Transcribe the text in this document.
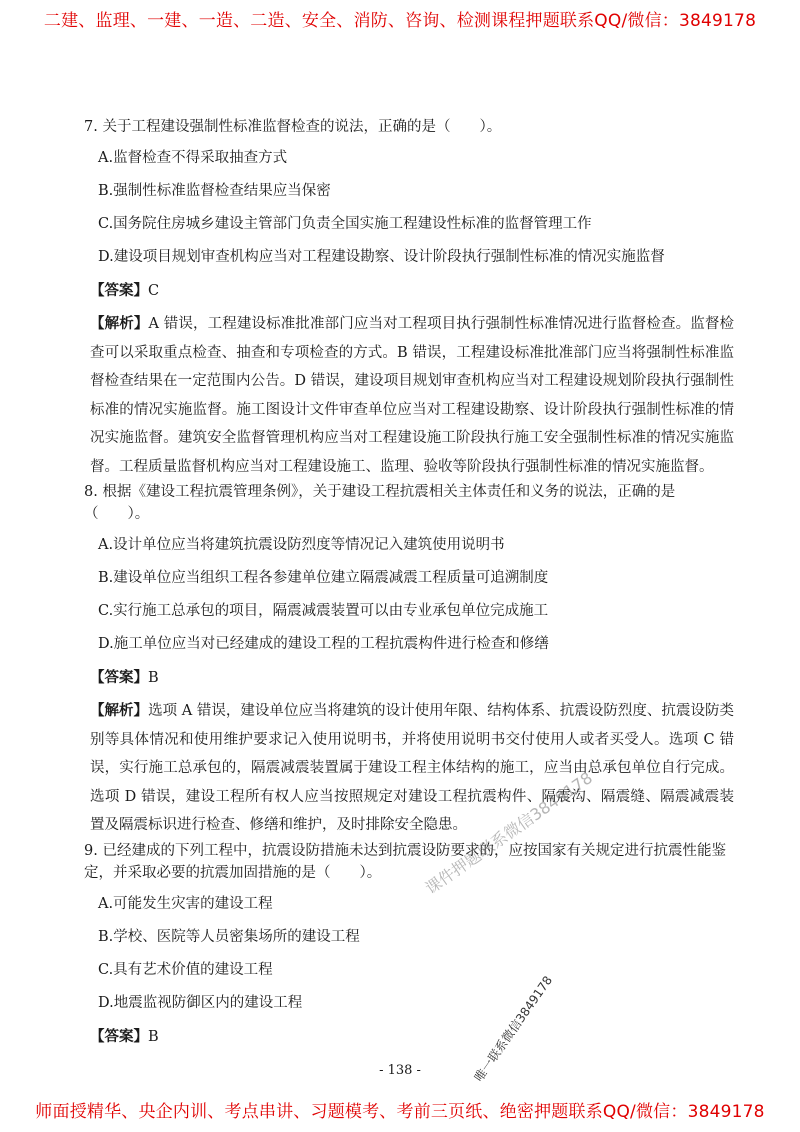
二建、监理、一建、一造、二造、安全、消防、咨询、检测课程押题联系QQ/微信：3849178
7. 关于工程建设强制性标准监督检查的说法，正确的是（　　）。
A.监督检查不得采取抽查方式
B.强制性标准监督检查结果应当保密
C.国务院住房城乡建设主管部门负责全国实施工程建设性标准的监督管理工作
D.建设项目规划审查机构应当对工程建设勘察、设计阶段执行强制性标准的情况实施监督
【答案】C
【解析】A 错误，工程建设标准批准部门应当对工程项目执行强制性标准情况进行监督检查。监督检查可以采取重点检查、抽查和专项检查的方式。B 错误，工程建设标准批准部门应当将强制性标准监督检查结果在一定范围内公告。D 错误，建设项目规划审查机构应当对工程建设规划阶段执行强制性标准的情况实施监督。施工图设计文件审查单位应当对工程建设勘察、设计阶段执行强制性标准的情况实施监督。建筑安全监督管理机构应当对工程建设施工阶段执行施工安全强制性标准的情况实施监督。工程质量监督机构应当对工程建设施工、监理、验收等阶段执行强制性标准的情况实施监督。
8. 根据《建设工程抗震管理条例》，关于建设工程抗震相关主体责任和义务的说法，正确的是（　　）。
A.设计单位应当将建筑抗震设防烈度等情况记入建筑使用说明书
B.建设单位应当组织工程各参建单位建立隔震减震工程质量可追溯制度
C.实行施工总承包的项目，隔震减震装置可以由专业承包单位完成施工
D.施工单位应当对已经建成的建设工程的工程抗震构件进行检查和修缮
【答案】B
【解析】选项 A 错误，建设单位应当将建筑的设计使用年限、结构体系、抗震设防烈度、抗震设防类别等具体情况和使用维护要求记入使用说明书，并将使用说明书交付使用人或者买受人。选项 C 错误，实行施工总承包的，隔震减震装置属于建设工程主体结构的施工，应当由总承包单位自行完成。选项 D 错误，建设工程所有权人应当按照规定对建设工程抗震构件、隔震沟、隔震缝、隔震减震装置及隔震标识进行检查、修缮和维护，及时排除安全隐患。
9. 已经建成的下列工程中，抗震设防措施未达到抗震设防要求的，应按国家有关规定进行抗震性能鉴定，并采取必要的抗震加固措施的是（　　）。
A.可能发生灾害的建设工程
B.学校、医院等人员密集场所的建设工程
C.具有艺术价值的建设工程
D.地震监视防御区内的建设工程
【答案】B
课件押题联系微信3849178
唯一联系微信3849178
- 138 -
师面授精华、央企内训、考点串讲、习题模考、考前三页纸、绝密押题联系QQ/微信：3849178
